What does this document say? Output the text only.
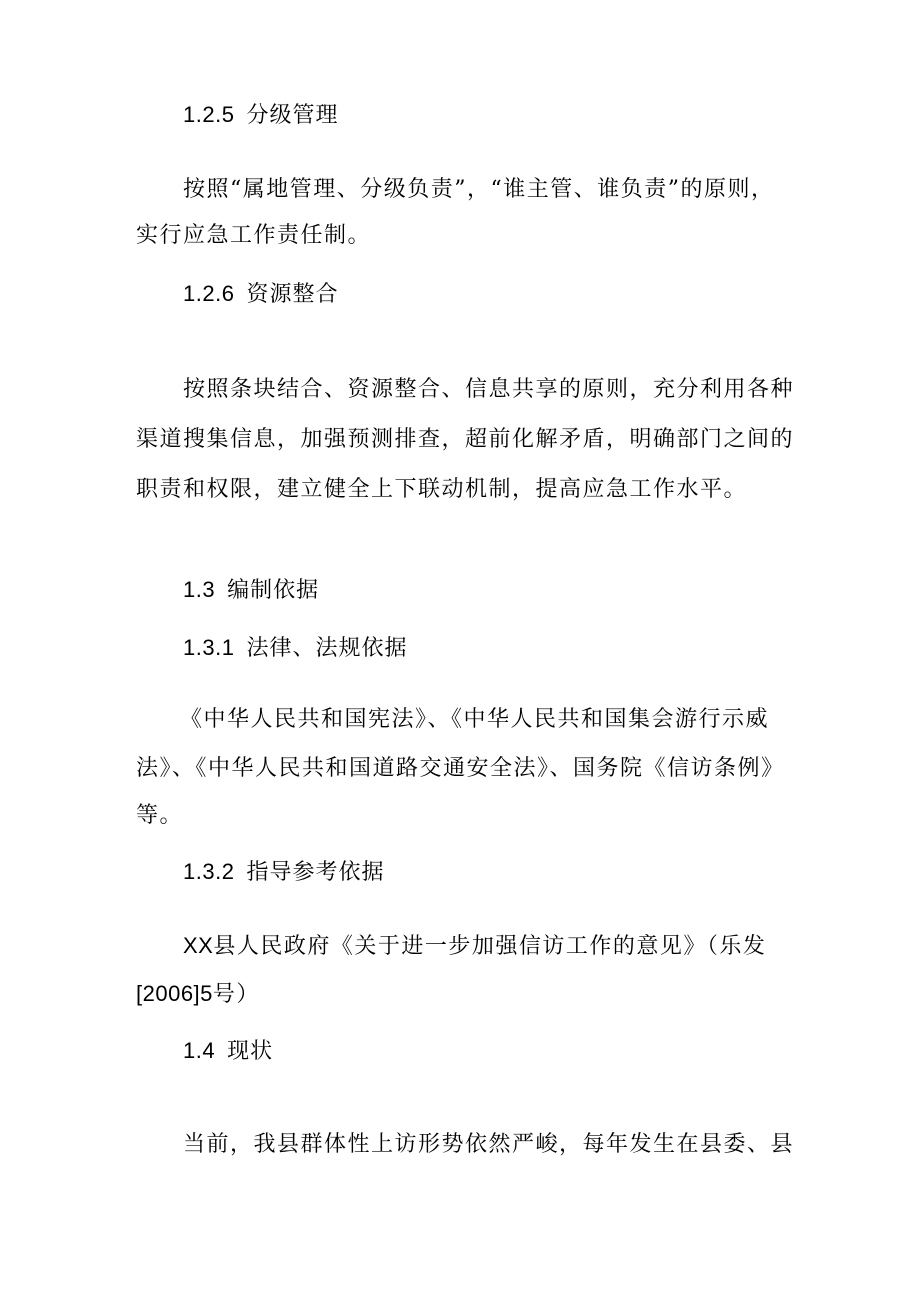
1.2.5 分级管理

按照“属地管理、分级负责”，“谁主管、谁负责”的原则，

实行应急工作责任制。

1.2.6 资源整合

按照条块结合、资源整合、信息共享的原则，充分利用各种

渠道搜集信息，加强预测排查，超前化解矛盾，明确部门之间的

职责和权限，建立健全上下联动机制，提高应急工作水平。

1.3 编制依据
1.3.1 法律、法规依据

《中华人民共和国宪法》、《中华人民共和国集会游行示威

法》、《中华人民共和国道路交通安全法》、国务院《信访条例》

等。

1.3.2 指导参考依据

XX县人民政府《关于进一步加强信访工作的意见》（乐发

[2006]5号）

1.4 现状

当前，我县群体性上访形势依然严峻，每年发生在县委、县
